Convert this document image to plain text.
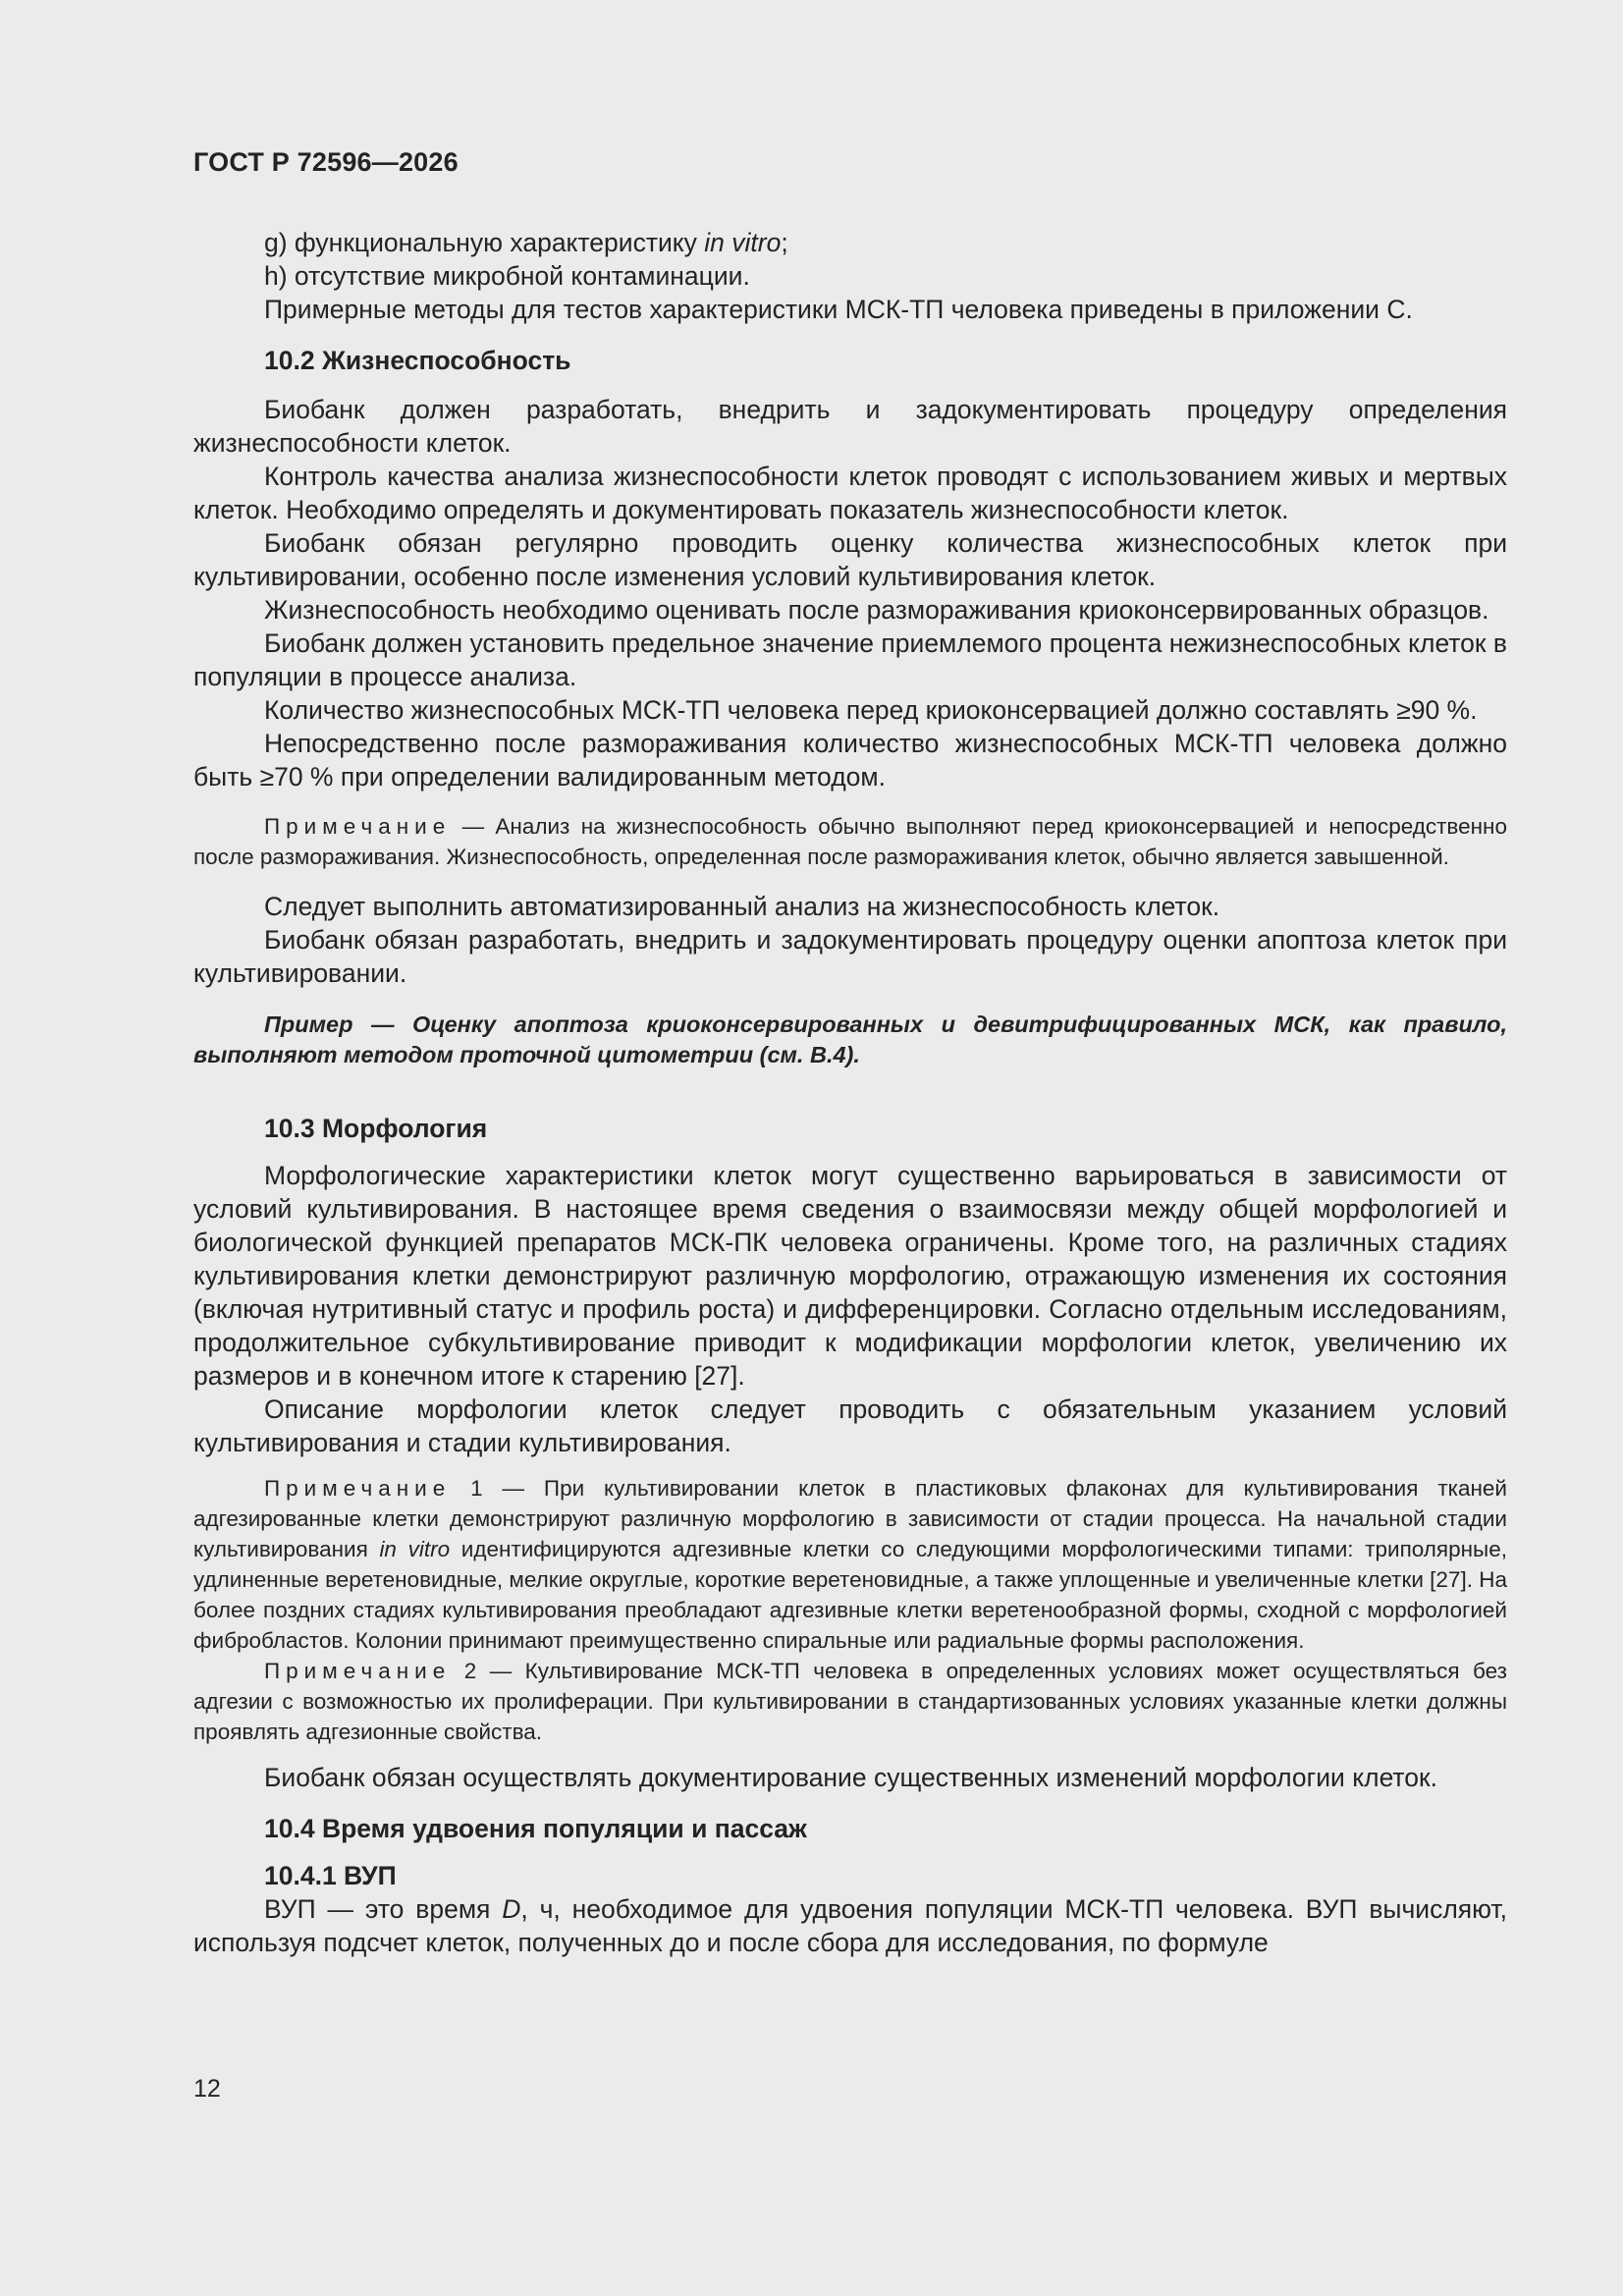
ГОСТ Р 72596—2026

g) функциональную характеристику in vitro;

h) отсутствие микробной контаминации.

Примерные методы для тестов характеристики МСК-ТП человека приведены в приложении С.

10.2 Жизнеспособность

Биобанк должен разработать, внедрить и задокументировать процедуру определения жизнеспособности клеток.

Контроль качества анализа жизнеспособности клеток проводят с использованием живых и мертвых клеток. Необходимо определять и документировать показатель жизнеспособности клеток.

Биобанк обязан регулярно проводить оценку количества жизнеспособных клеток при культивировании, особенно после изменения условий культивирования клеток.

Жизнеспособность необходимо оценивать после размораживания криоконсервированных образцов.

Биобанк должен установить предельное значение приемлемого процента нежизнеспособных клеток в популяции в процессе анализа.

Количество жизнеспособных МСК-ТП человека перед криоконсервацией должно составлять ≥90 %.

Непосредственно после размораживания количество жизнеспособных МСК-ТП человека должно быть ≥70 % при определении валидированным методом.

Примечание — Анализ на жизнеспособность обычно выполняют перед криоконсервацией и непосредственно после размораживания. Жизнеспособность, определенная после размораживания клеток, обычно является завышенной.

Следует выполнить автоматизированный анализ на жизнеспособность клеток.

Биобанк обязан разработать, внедрить и задокументировать процедуру оценки апоптоза клеток при культивировании.

Пример — Оценку апоптоза криоконсервированных и девитрифицированных МСК, как правило, выполняют методом проточной цитометрии (см. В.4).

10.3 Морфология

Морфологические характеристики клеток могут существенно варьироваться в зависимости от условий культивирования. В настоящее время сведения о взаимосвязи между общей морфологией и биологической функцией препаратов МСК-ПК человека ограничены. Кроме того, на различных стадиях культивирования клетки демонстрируют различную морфологию, отражающую изменения их состояния (включая нутритивный статус и профиль роста) и дифференцировки. Согласно отдельным исследованиям, продолжительное субкультивирование приводит к модификации морфологии клеток, увеличению их размеров и в конечном итоге к старению [27].

Описание морфологии клеток следует проводить с обязательным указанием условий культивирования и стадии культивирования.

Примечание 1 — При культивировании клеток в пластиковых флаконах для культивирования тканей адгезированные клетки демонстрируют различную морфологию в зависимости от стадии процесса. На начальной стадии культивирования in vitro идентифицируются адгезивные клетки со следующими морфологическими типами: триполярные, удлиненные веретеновидные, мелкие округлые, короткие веретеновидные, а также уплощенные и увеличенные клетки [27]. На более поздних стадиях культивирования преобладают адгезивные клетки веретенообразной формы, сходной с морфологией фибробластов. Колонии принимают преимущественно спиральные или радиальные формы расположения.

Примечание 2 — Культивирование МСК-ТП человека в определенных условиях может осуществляться без адгезии с возможностью их пролиферации. При культивировании в стандартизованных условиях указанные клетки должны проявлять адгезионные свойства.

Биобанк обязан осуществлять документирование существенных изменений морфологии клеток.

10.4 Время удвоения популяции и пассаж
10.4.1 ВУП

ВУП — это время D, ч, необходимое для удвоения популяции МСК-ТП человека. ВУП вычисляют, используя подсчет клеток, полученных до и после сбора для исследования, по формуле

12
